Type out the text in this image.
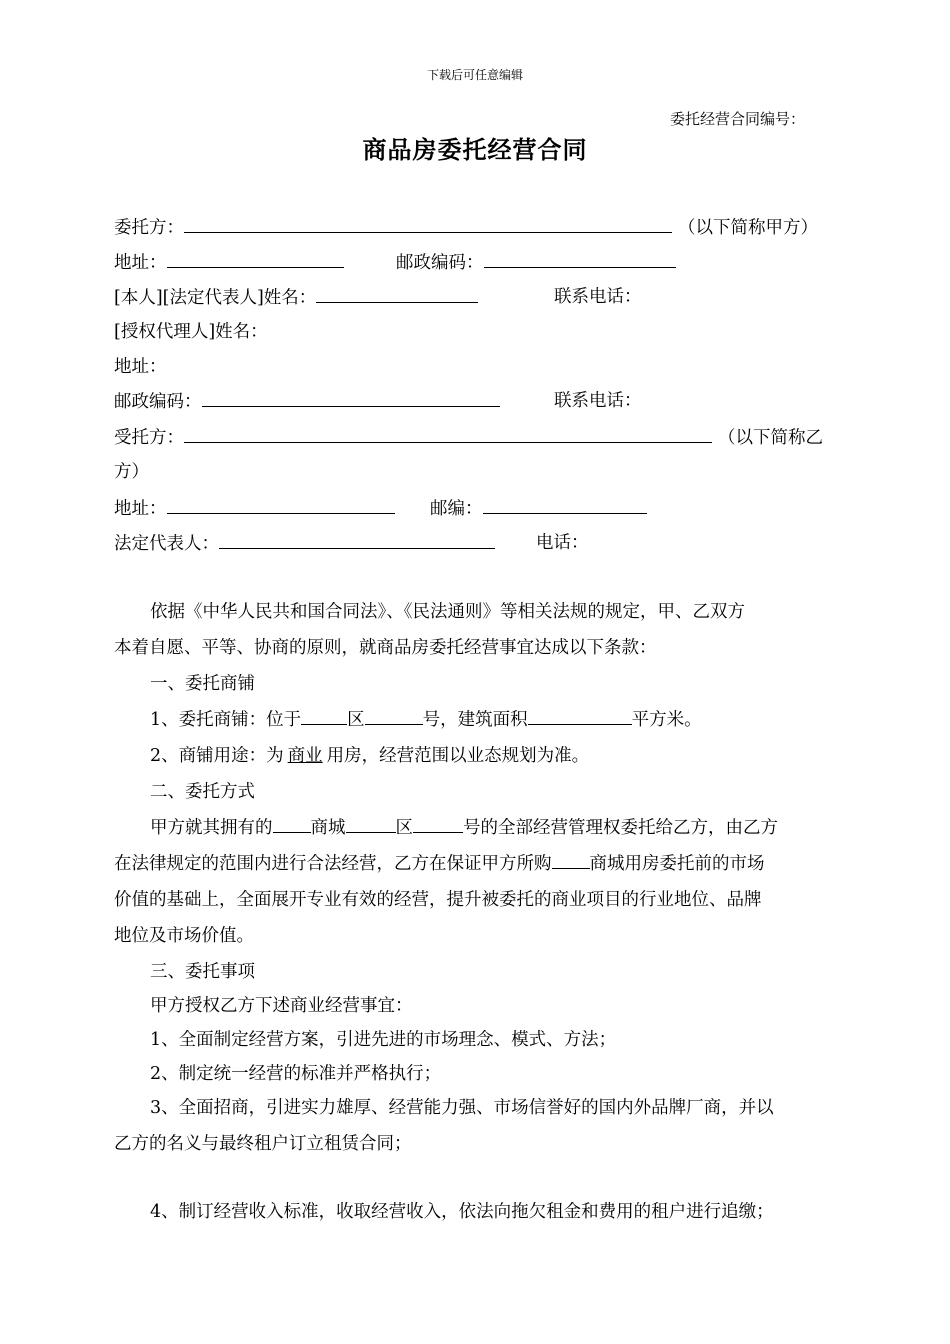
下载后可任意编辑
委托经营合同编号：
商品房委托经营合同
委托方：	（以下简称甲方）
地址：	邮政编码：
[本人][法定代表人]姓名：	联系电话：
[授权代理人]姓名：
地址：
邮政编码：	联系电话：
受托方：	（以下简称乙
方）
地址：	邮编：
法定代表人：	电话：
依据《中华人民共和国合同法》、《民法通则》等相关法规的规定，甲、乙双方
本着自愿、平等、协商的原则，就商品房委托经营事宜达成以下条款：
一、委托商铺
1、委托商铺：位于	区	号，建筑面积	平方米。
2、商铺用途：为 商业 用房，经营范围以业态规划为准。
二、委托方式
甲方就其拥有的 商城	区	号的全部经营管理权委托给乙方，由乙方
在法律规定的范围内进行合法经营，乙方在保证甲方所购 商城用房委托前的市场
价值的基础上，全面展开专业有效的经营，提升被委托的商业项目的行业地位、品牌
地位及市场价值。
三、委托事项
甲方授权乙方下述商业经营事宜：
1、全面制定经营方案，引进先进的市场理念、模式、方法；
2、制定统一经营的标准并严格执行；
3、全面招商，引进实力雄厚、经营能力强、市场信誉好的国内外品牌厂商，并以
乙方的名义与最终租户订立租赁合同；
4、制订经营收入标准，收取经营收入，依法向拖欠租金和费用的租户进行追缴；
